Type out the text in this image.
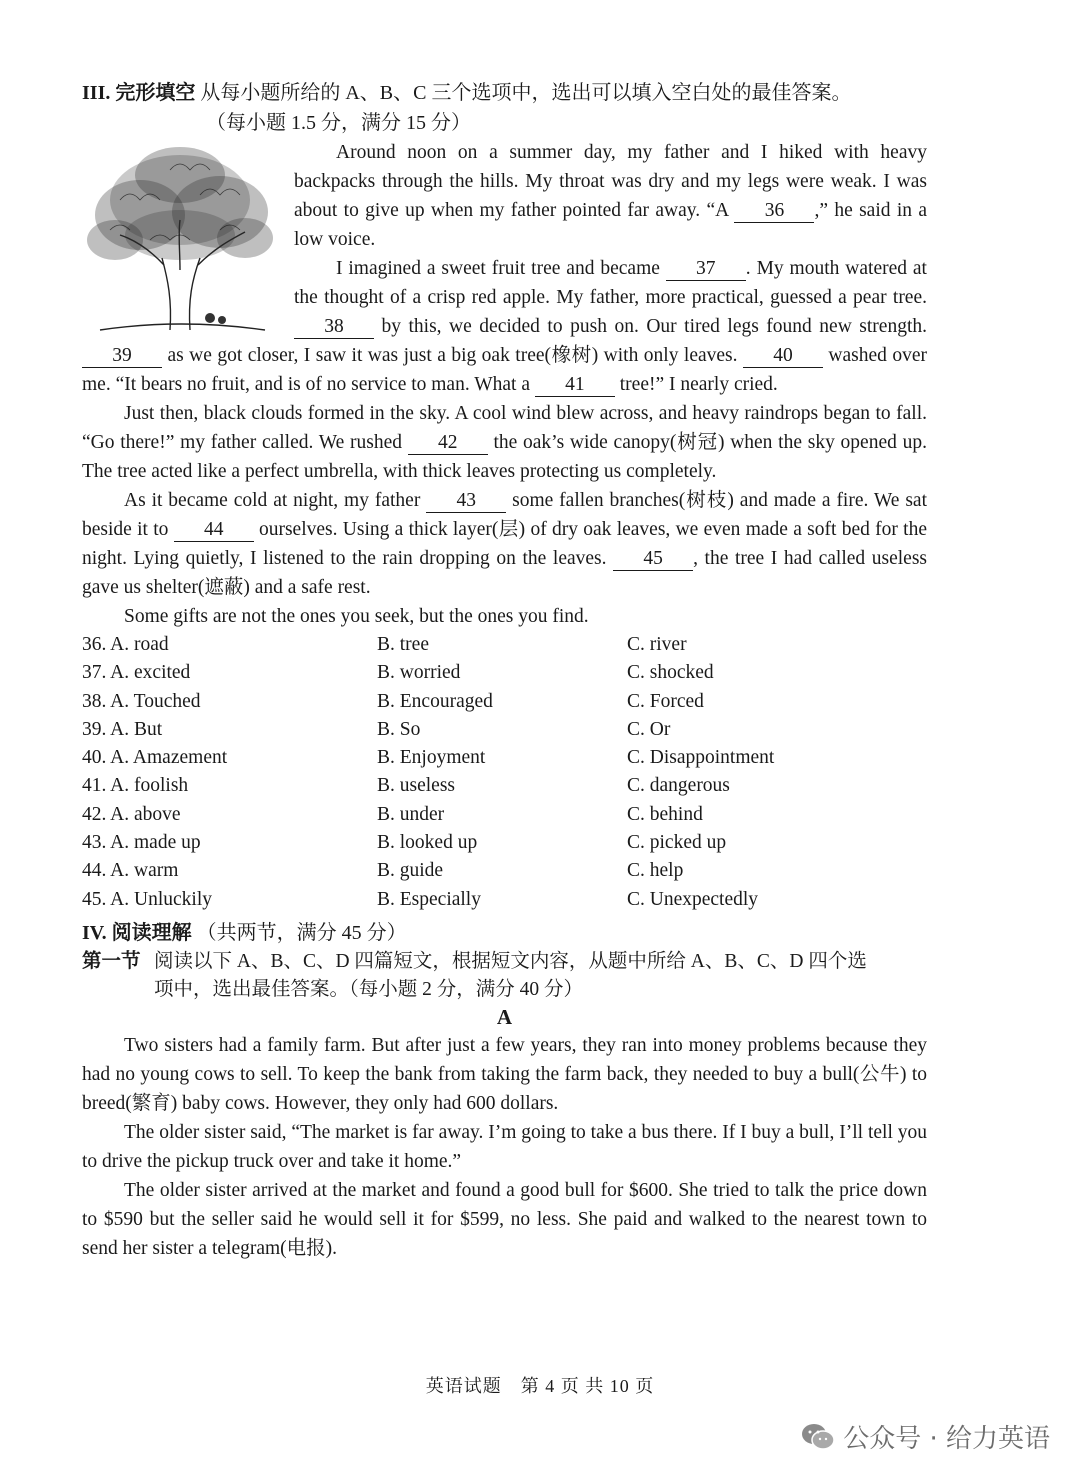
III. 完形填空 从每小题所给的 A、B、C 三个选项中，选出可以填入空白处的最佳答案。
（每小题 1.5 分，满分 15 分）

Around noon on a summer day, my father and I hiked with heavy backpacks through the hills. My throat was dry and my legs were weak. I was about to give up when my father pointed far away. “A 36 ,” he said in a low voice.

I imagined a sweet fruit tree and became 37 . My mouth watered at the thought of a crisp red apple. My father, more practical, guessed a pear tree. 38 by this, we decided to push on. Our tired legs found new strength. 39 as we got closer, I saw it was just a big oak tree(橡树) with only leaves. 40 washed over me. “It bears no fruit, and is of no service to man. What a 41 tree!” I nearly cried.

Just then, black clouds formed in the sky. A cool wind blew across, and heavy raindrops began to fall. “Go there!” my father called. We rushed 42 the oak’s wide canopy(树冠) when the sky opened up. The tree acted like a perfect umbrella, with thick leaves protecting us completely.

As it became cold at night, my father 43 some fallen branches(树枝) and made a fire. We sat beside it to 44 ourselves. Using a thick layer(层) of dry oak leaves, we even made a soft bed for the night. Lying quietly, I listened to the rain dropping on the leaves. 45 , the tree I had called useless gave us shelter(遮蔽) and a safe rest.

Some gifts are not the ones you seek, but the ones you find.

36. A. road	B. tree	C. river
37. A. excited	B. worried	C. shocked
38. A. Touched	B. Encouraged	C. Forced
39. A. But	B. So	C. Or
40. A. Amazement	B. Enjoyment	C. Disappointment
41. A. foolish	B. useless	C. dangerous
42. A. above	B. under	C. behind
43. A. made up	B. looked up	C. picked up
44. A. warm	B. guide	C. help
45. A. Unluckily	B. Especially	C. Unexpectedly
IV. 阅读理解 （共两节，满分 45 分）
第一节 阅读以下 A、B、C、D 四篇短文，根据短文内容，从题中所给 A、B、C、D 四个选
项中，选出最佳答案。（每小题 2 分，满分 40 分）
A

Two sisters had a family farm. But after just a few years, they ran into money problems because they had no young cows to sell. To keep the bank from taking the farm back, they needed to buy a bull(公牛) to breed(繁育) baby cows. However, they only had 600 dollars.

The older sister said, “The market is far away. I’m going to take a bus there. If I buy a bull, I’ll tell you to drive the pickup truck over and take it home.”

The older sister arrived at the market and found a good bull for $600. She tried to talk the price down to $590 but the seller said he would sell it for $599, no less. She paid and walked to the nearest town to send her sister a telegram(电报).

英语试题　第 4 页 共 10 页
公众号 · 给力英语
